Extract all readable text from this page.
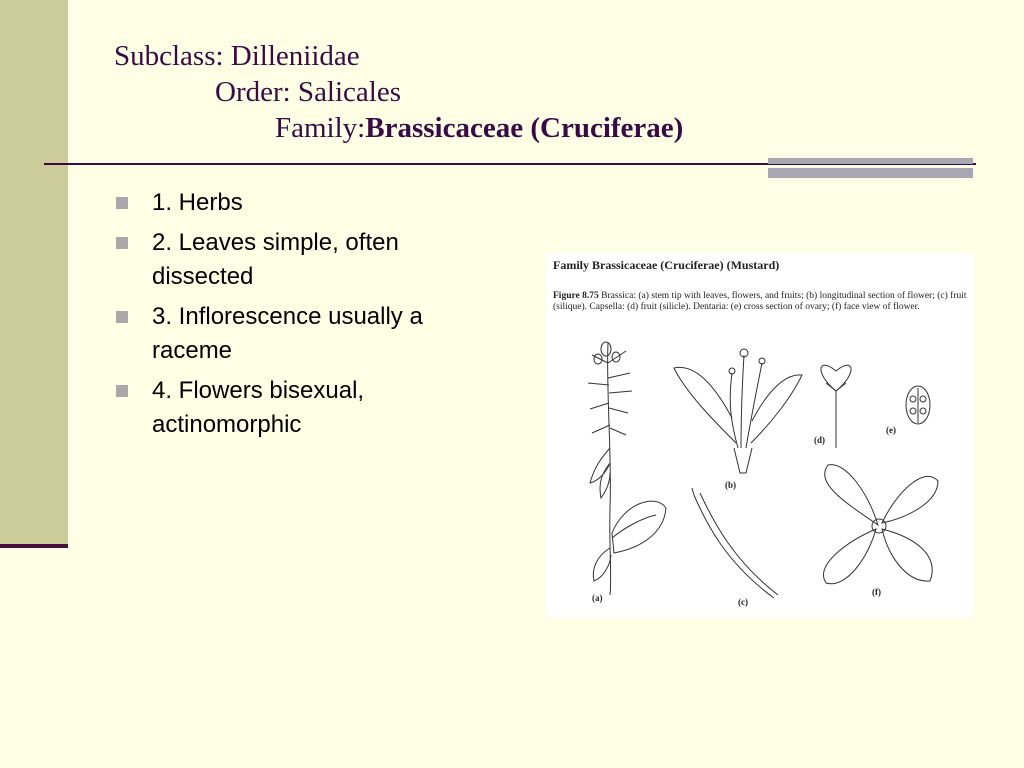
Subclass: Dilleniidae
Order: Salicales
Family:Brassicaceae (Cruciferae)
1. Herbs
2. Leaves simple, often dissected
3. Inflorescence usually a raceme
4. Flowers bisexual, actinomorphic
Family Brassicaceae (Cruciferae) (Mustard)
Figure 8.75 Brassica: (a) stem tip with leaves, flowers, and fruits; (b) longitudinal section of flower; (c) fruit (silique). Capsella: (d) fruit (silicle). Dentaria: (e) cross section of ovary; (f) face view of flower.
(a)
(b)
(c)
(d)
(e)
(f)
